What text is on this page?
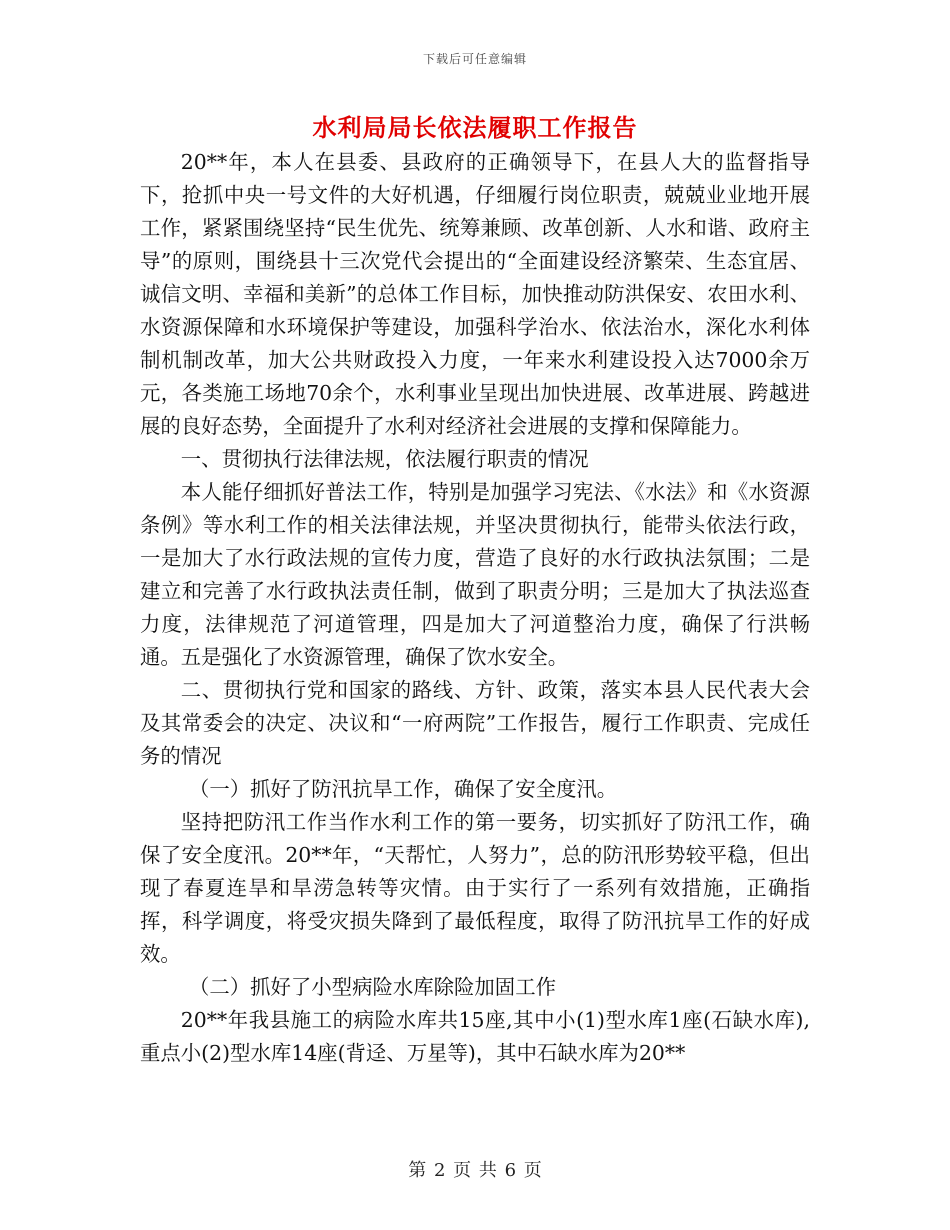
下载后可任意编辑
水利局局长依法履职工作报告

20**年，本人在县委、县政府的正确领导下，在县人大的监督指导下，抢抓中央一号文件的大好机遇，仔细履行岗位职责，兢兢业业地开展工作，紧紧围绕坚持“民生优先、统筹兼顾、改革创新、人水和谐、政府主导”的原则，围绕县十三次党代会提出的“全面建设经济繁荣、生态宜居、诚信文明、幸福和美新”的总体工作目标，加快推动防洪保安、农田水利、水资源保障和水环境保护等建设，加强科学治水、依法治水，深化水利体制机制改革，加大公共财政投入力度，一年来水利建设投入达7000余万元，各类施工场地70余个，水利事业呈现出加快进展、改革进展、跨越进展的良好态势，全面提升了水利对经济社会进展的支撑和保障能力。

一、贯彻执行法律法规，依法履行职责的情况

本人能仔细抓好普法工作，特别是加强学习宪法、《水法》和《水资源条例》等水利工作的相关法律法规，并坚决贯彻执行，能带头依法行政，一是加大了水行政法规的宣传力度，营造了良好的水行政执法氛围；二是建立和完善了水行政执法责任制，做到了职责分明；三是加大了执法巡查力度，法律规范了河道管理，四是加大了河道整治力度，确保了行洪畅通。五是强化了水资源管理，确保了饮水安全。

二、贯彻执行党和国家的路线、方针、政策，落实本县人民代表大会及其常委会的决定、决议和“一府两院”工作报告，履行工作职责、完成任务的情况

（一）抓好了防汛抗旱工作，确保了安全度汛。

坚持把防汛工作当作水利工作的第一要务，切实抓好了防汛工作，确保了安全度汛。20**年，“天帮忙，人努力”，总的防汛形势较平稳，但出现了春夏连旱和旱涝急转等灾情。由于实行了一系列有效措施，正确指挥，科学调度，将受灾损失降到了最低程度，取得了防汛抗旱工作的好成效。

（二）抓好了小型病险水库除险加固工作

20**年我县施工的病险水库共15座,其中小(1)型水库1座(石缺水库),重点小(2)型水库14座(背迳、万星等)，其中石缺水库为20**

第 2 页 共 6 页
